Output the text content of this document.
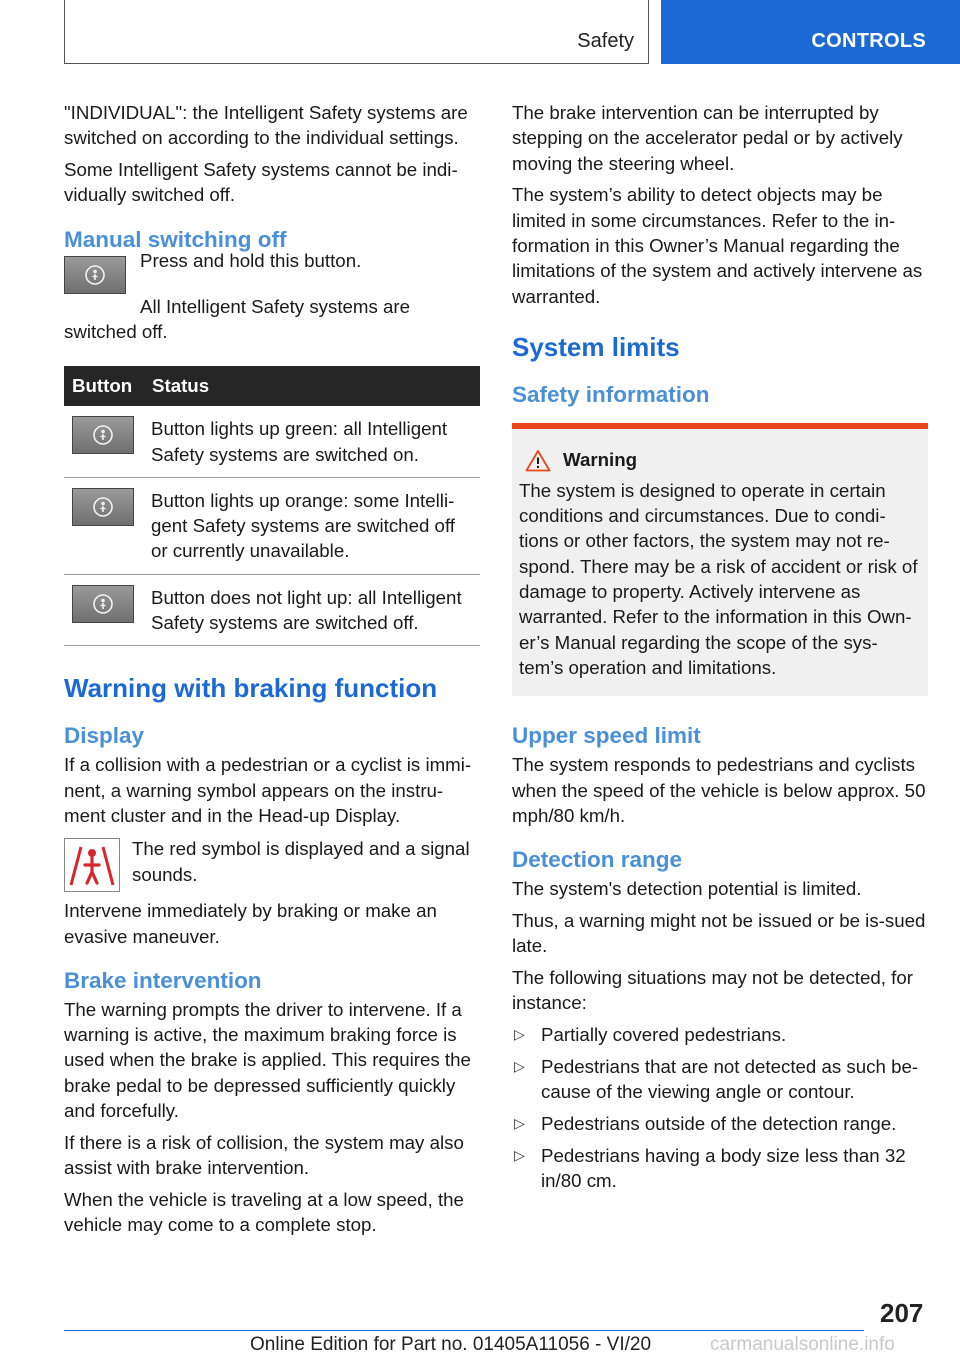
Safety	CONTROLS

"INDIVIDUAL": the Intelligent Safety systems are switched on according to the individual settings.

Some Intelligent Safety systems cannot be indi‐vidually switched off.

Manual switching off

Press and hold this button.

All Intelligent Safety systems are switched off.

Button	Status

	Button lights up green: all Intelligent Safety systems are switched on.

	Button lights up orange: some Intelli‐gent Safety systems are switched off or currently unavailable.

	Button does not light up: all Intelligent Safety systems are switched off.
Warning with braking function
Display

If a collision with a pedestrian or a cyclist is immi‐nent, a warning symbol appears on the instru‐ment cluster and in the Head-up Display.

The red symbol is displayed and a signal sounds.

Intervene immediately by braking or make an evasive maneuver.

Brake intervention

The warning prompts the driver to intervene. If a warning is active, the maximum braking force is used when the brake is applied. This requires the brake pedal to be depressed sufficiently quickly and forcefully.

If there is a risk of collision, the system may also assist with brake intervention.

When the vehicle is traveling at a low speed, the vehicle may come to a complete stop.

The brake intervention can be interrupted by stepping on the accelerator pedal or by actively moving the steering wheel.

The system’s ability to detect objects may be limited in some circumstances. Refer to the in‐formation in this Owner’s Manual regarding the limitations of the system and actively intervene as warranted.

System limits
Safety information
Warning

The system is designed to operate in certain conditions and circumstances. Due to condi‐tions or other factors, the system may not re‐spond. There may be a risk of accident or risk of damage to property. Actively intervene as warranted. Refer to the information in this Own‐er’s Manual regarding the scope of the sys‐tem’s operation and limitations.

Upper speed limit

The system responds to pedestrians and cyclists when the speed of the vehicle is below approx. 50 mph/80 km/h.

Detection range

The system's detection potential is limited.

Thus, a warning might not be issued or be is‐sued late.

The following situations may not be detected, for instance:

▷ Partially covered pedestrians.
▷ Pedestrians that are not detected as such be‐cause of the viewing angle or contour.
▷ Pedestrians outside of the detection range.
▷ Pedestrians having a body size less than 32 in/80 cm.
207
Online Edition for Part no. 01405A11056 - VI/20	carmanualsonline.info
